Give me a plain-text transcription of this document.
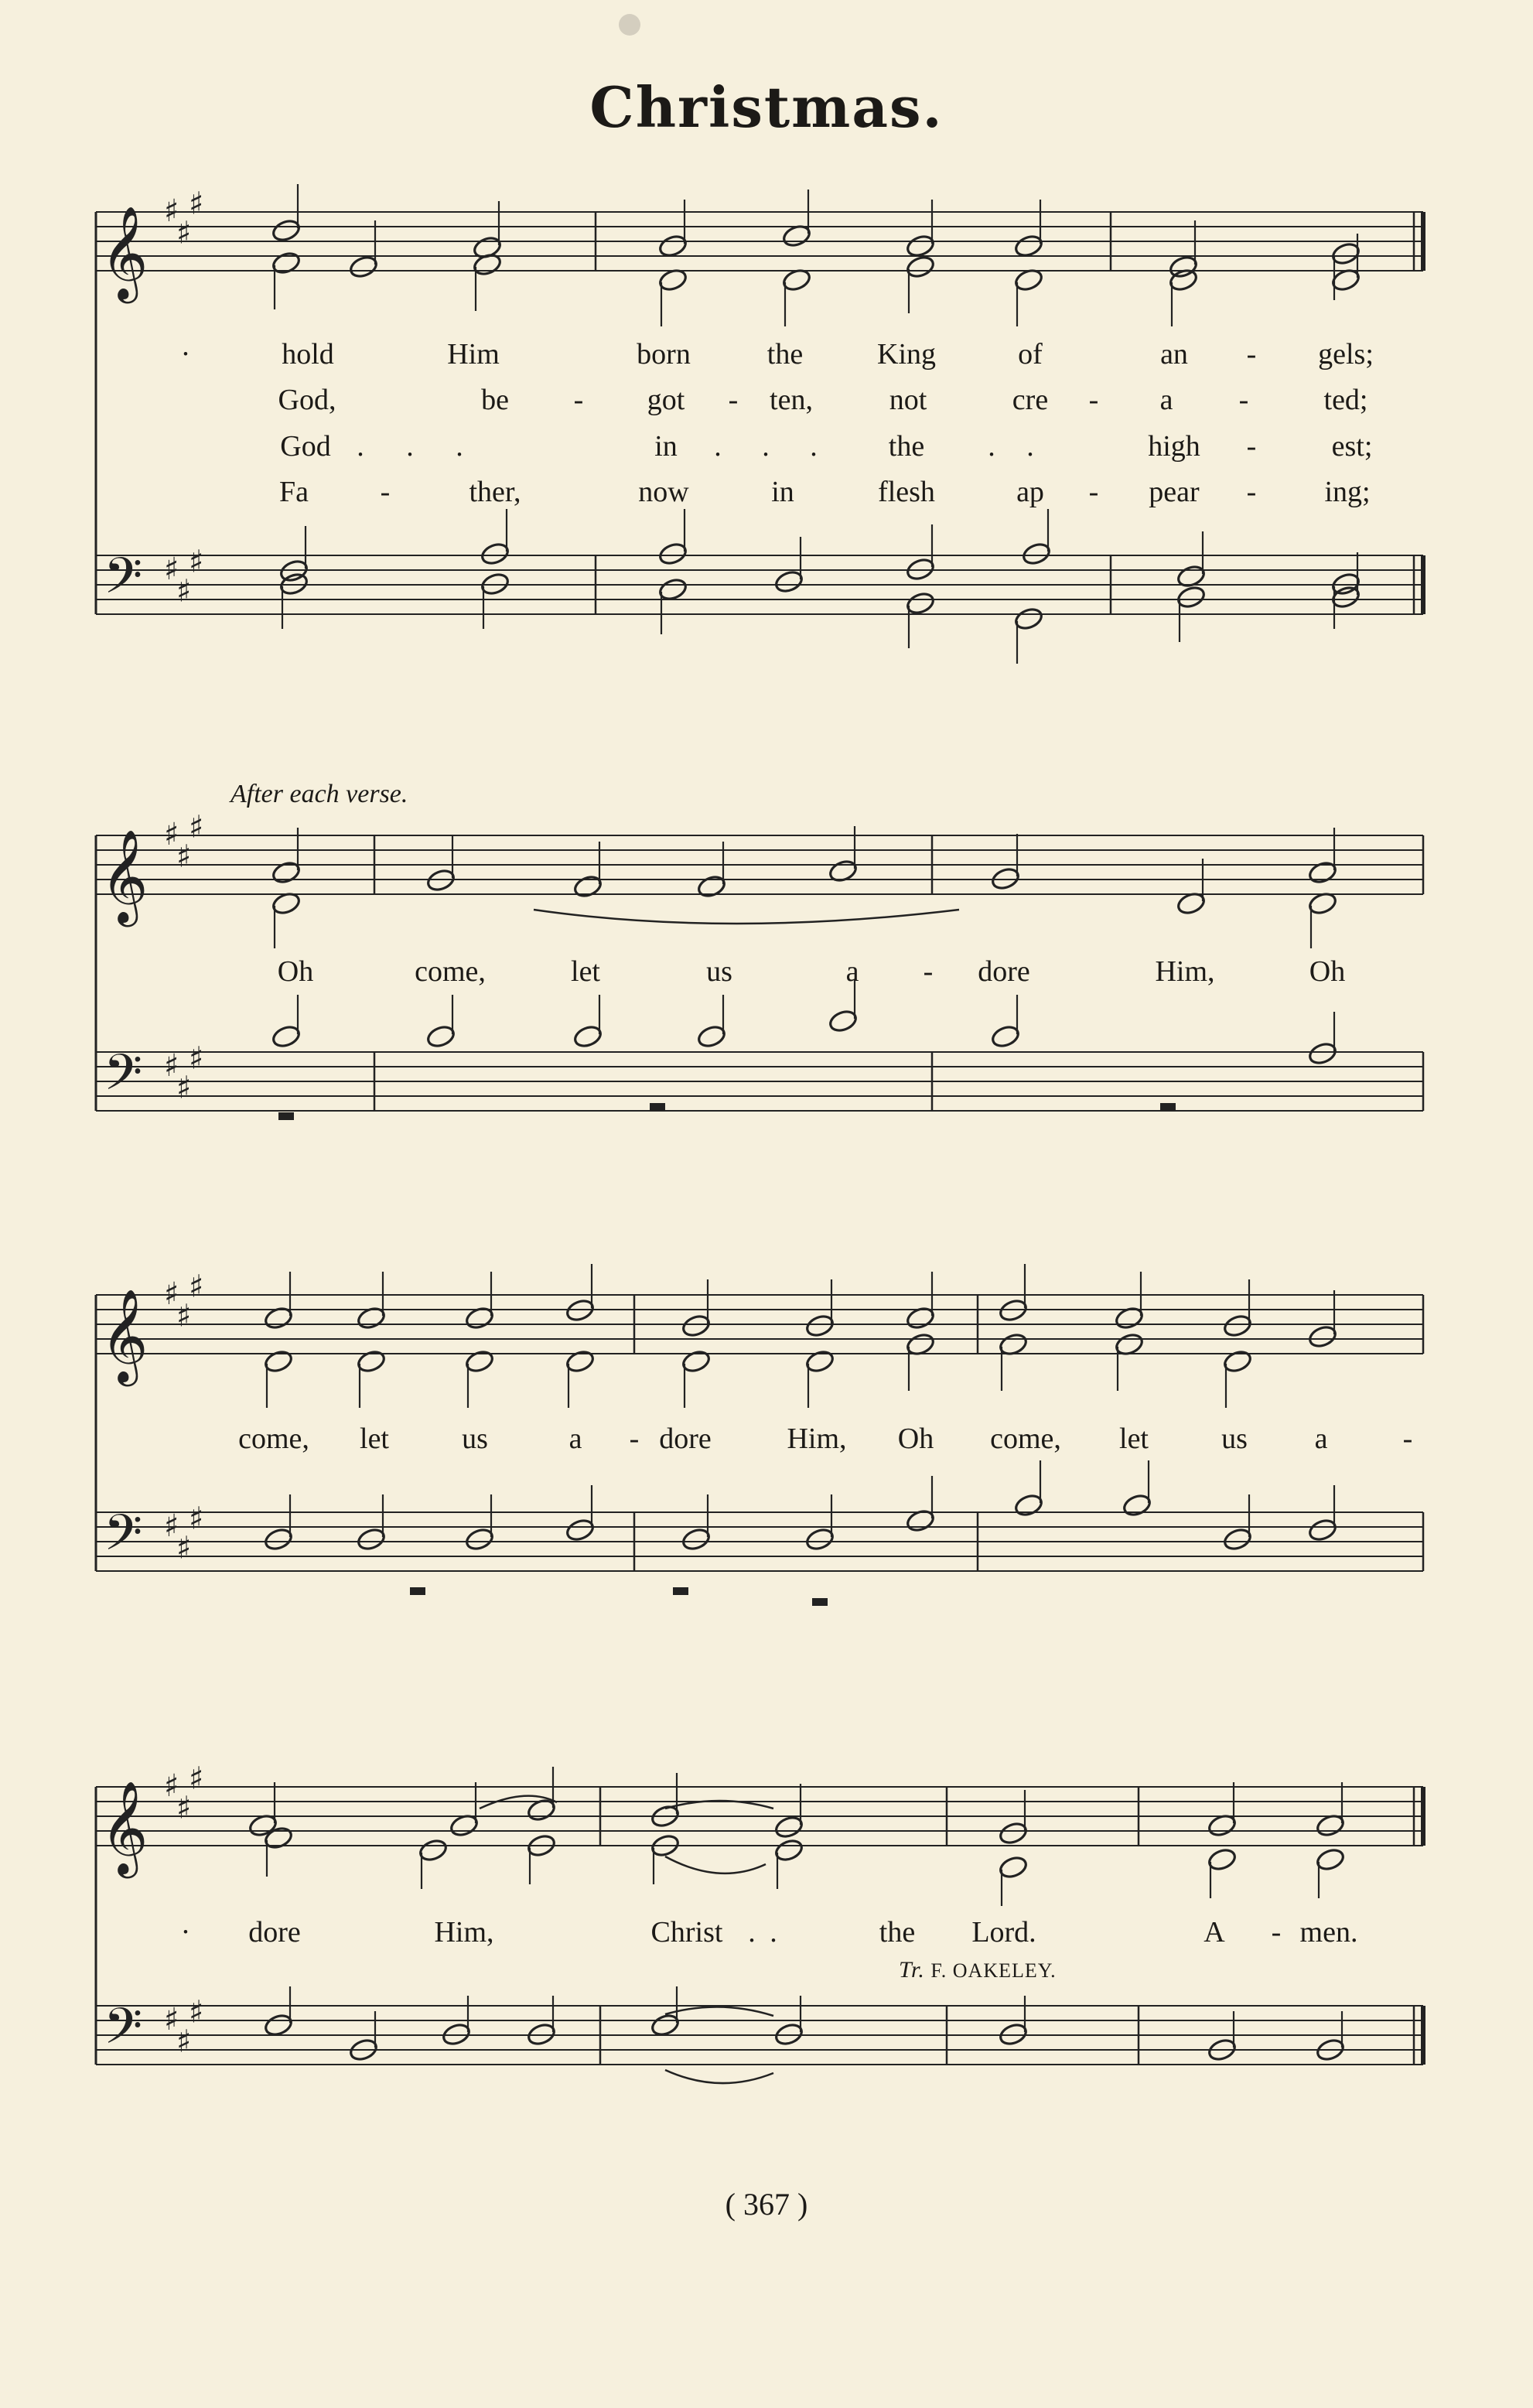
Christmas.
𝄞
𝄢
♯
♯
♯
♯
♯
♯
𝄞
𝄢
♯
♯
♯
♯
♯
♯
𝄞
𝄢
♯
♯
♯
♯
♯
♯
𝄞
𝄢
♯
♯
♯
♯
♯
♯
·	hold	Him	born	the	King	of	an - gels;
God,	be - got - ten,	not	cre - a -	ted;
God . . .	in . . . the . .	high -	est;
Fa -	ther,	now	in	flesh	ap - pear - ing;
Oh	come,	let	us	a - dore	Him,	Oh
come, let us	a - dore	Him, Oh come, let us a	-
· dore	Him,	Christ . .	the Lord.	A - men.
After each verse.
Tr. F. OAKELEY.
( 367 )
